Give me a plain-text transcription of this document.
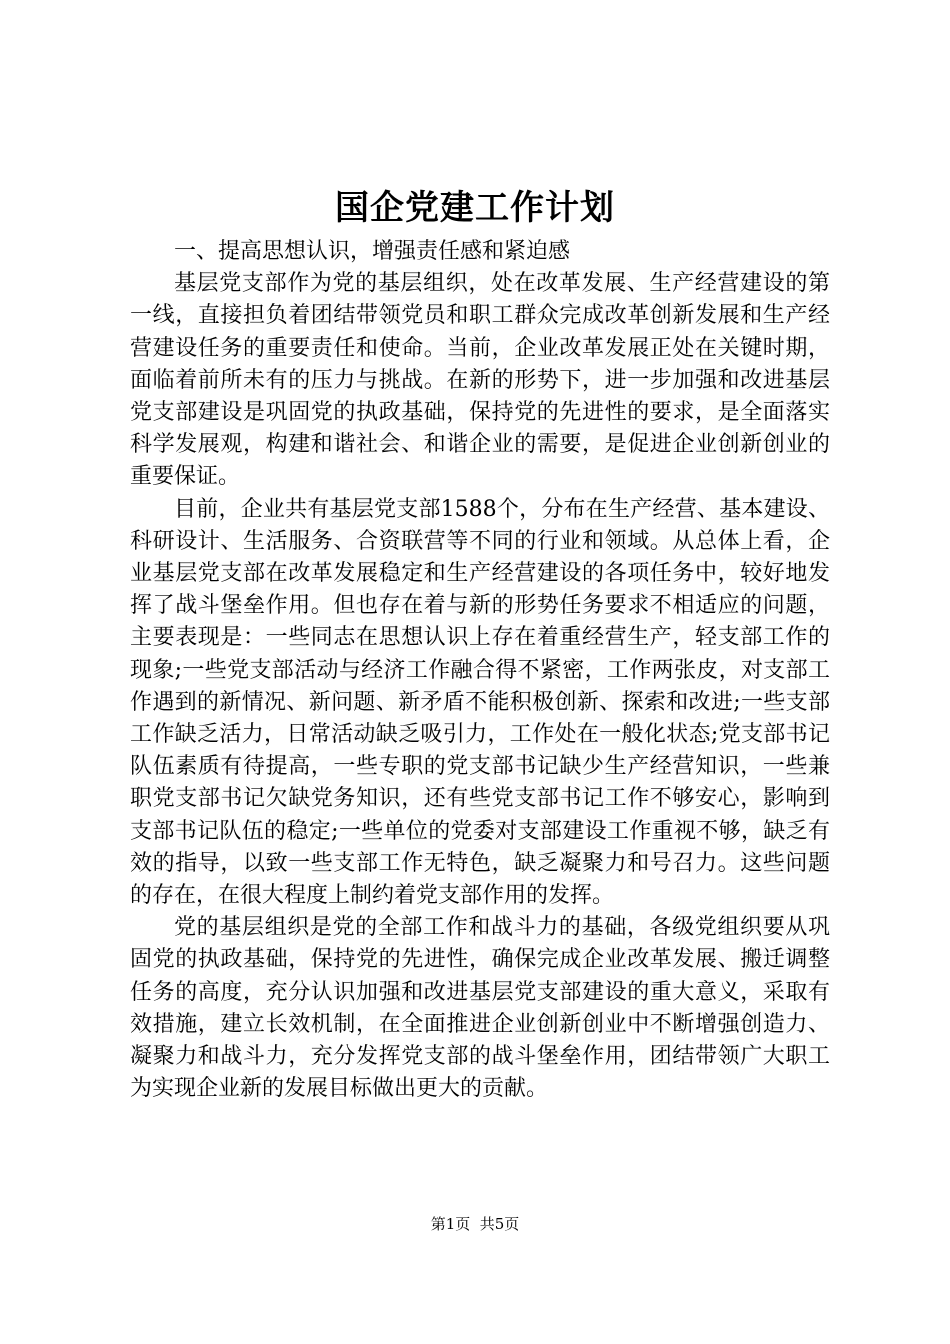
国企党建工作计划

一、提高思想认识，增强责任感和紧迫感

基层党支部作为党的基层组织，处在改革发展、生产经营建设的第一线，直接担负着团结带领党员和职工群众完成改革创新发展和生产经营建设任务的重要责任和使命。当前，企业改革发展正处在关键时期，面临着前所未有的压力与挑战。在新的形势下，进一步加强和改进基层党支部建设是巩固党的执政基础，保持党的先进性的要求，是全面落实科学发展观，构建和谐社会、和谐企业的需要，是促进企业创新创业的重要保证。

目前，企业共有基层党支部1588个，分布在生产经营、基本建设、科研设计、生活服务、合资联营等不同的行业和领域。从总体上看，企业基层党支部在改革发展稳定和生产经营建设的各项任务中，较好地发挥了战斗堡垒作用。但也存在着与新的形势任务要求不相适应的问题，主要表现是：一些同志在思想认识上存在着重经营生产，轻支部工作的现象;一些党支部活动与经济工作融合得不紧密，工作两张皮，对支部工作遇到的新情况、新问题、新矛盾不能积极创新、探索和改进;一些支部工作缺乏活力，日常活动缺乏吸引力，工作处在一般化状态;党支部书记队伍素质有待提高，一些专职的党支部书记缺少生产经营知识，一些兼职党支部书记欠缺党务知识，还有些党支部书记工作不够安心，影响到支部书记队伍的稳定;一些单位的党委对支部建设工作重视不够，缺乏有效的指导，以致一些支部工作无特色，缺乏凝聚力和号召力。这些问题的存在，在很大程度上制约着党支部作用的发挥。

党的基层组织是党的全部工作和战斗力的基础，各级党组织要从巩固党的执政基础，保持党的先进性，确保完成企业改革发展、搬迁调整任务的高度，充分认识加强和改进基层党支部建设的重大意义，采取有效措施，建立长效机制，在全面推进企业创新创业中不断增强创造力、凝聚力和战斗力，充分发挥党支部的战斗堡垒作用，团结带领广大职工为实现企业新的发展目标做出更大的贡献。

第1页  共5页
